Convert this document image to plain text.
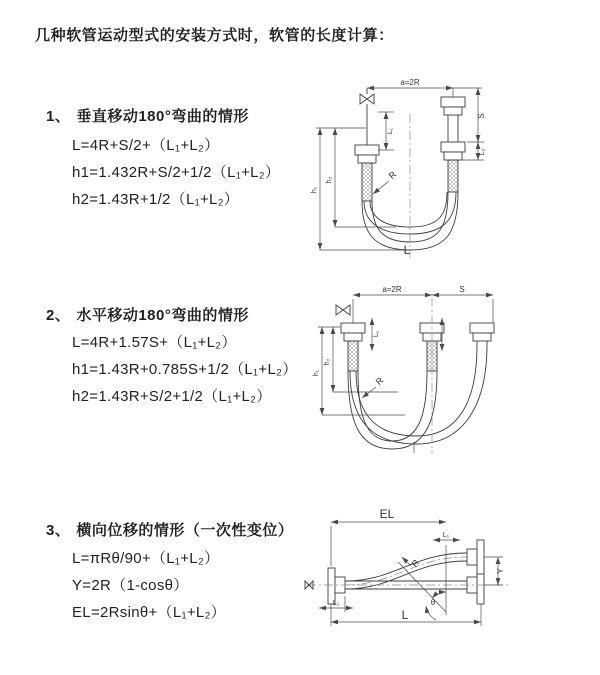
几种软管运动型式的安装方式时，软管的长度计算：
1、 垂直移动180°弯曲的情形
L=4R+S/2+（L₁+L₂）
h1=1.432R+S/2+1/2（L₁+L₂）
h2=1.43R+1/2（L₁+L₂）
2、 水平移动180°弯曲的情形
L=4R+1.57S+（L₁+L₂）
h1=1.43R+0.785S+1/2（L₁+L₂）
h2=1.43R+S/2+1/2（L₁+L₂）
3、 横向位移的情形（一次性变位）
L=πRθ/90+（L₁+L₂）
Y=2R（1-cosθ）
EL=2Rsinθ+（L₁+L₂）
a=2R
h₁
h₂
L₁
S
L₂
R
L
a=2R	S
h₁
h₂
L₁
R
EL
L₁
θ
R
Y
L₁
L
